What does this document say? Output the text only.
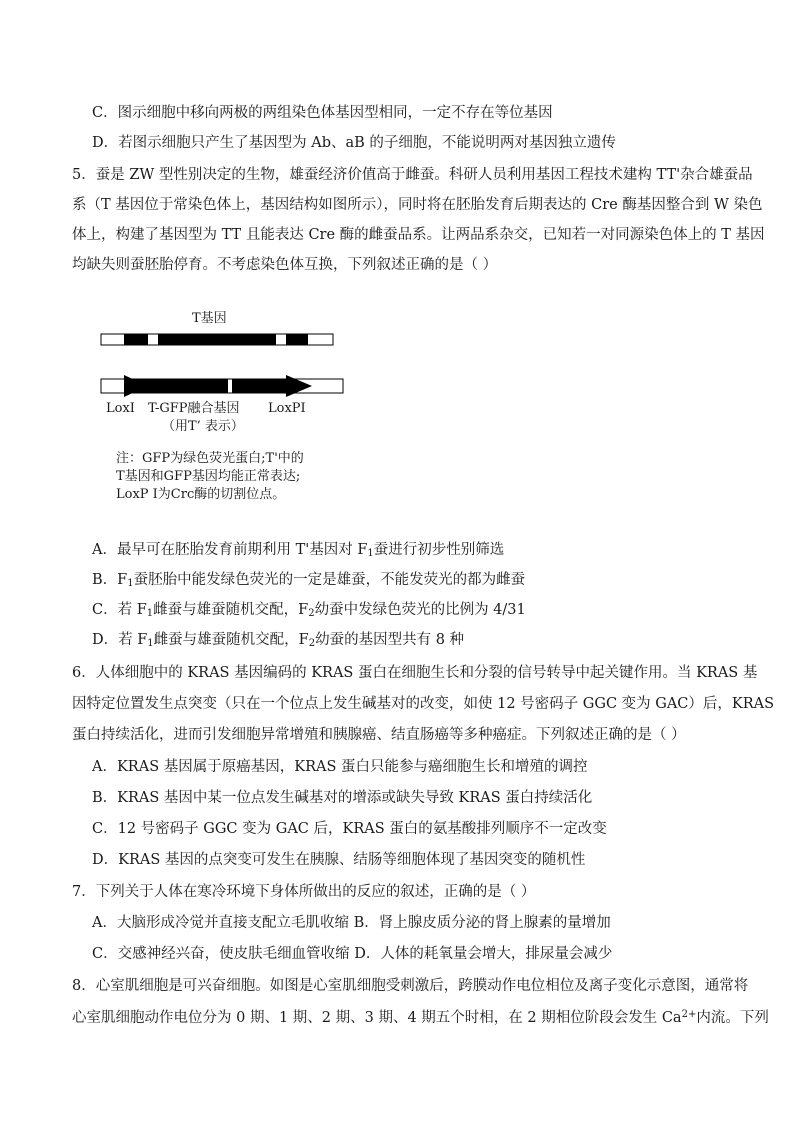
C．图示细胞中移向两极的两组染色体基因型相同，一定不存在等位基因
D．若图示细胞只产生了基因型为 Ab、aB 的子细胞，不能说明两对基因独立遗传
5．蚕是 ZW 型性别决定的生物，雄蚕经济价值高于雌蚕。科研人员利用基因工程技术建构 TT'杂合雄蚕品
系（T 基因位于常染色体上，基因结构如图所示），同时将在胚胎发育后期表达的 Cre 酶基因整合到 W 染色
体上，构建了基因型为 TT 且能表达 Cre 酶的雌蚕品系。让两品系杂交，已知若一对同源染色体上的 T 基因
均缺失则蚕胚胎停育。不考虑染色体互换，下列叙述正确的是（ ）
T基因
LoxI T-GFP融合基因
（用T’ 表示）
LoxPI
注：GFP为绿色荧光蛋白;T'中的
T基因和GFP基因均能正常表达;
LoxP I为Crc酶的切割位点。
A．最早可在胚胎发育前期利用 T'基因对 $F_1$蚕进行初步性别筛选
B．$F_1$蚕胚胎中能发绿色荧光的一定是雄蚕，不能发荧光的都为雌蚕
C．若 $F_1$雌蚕与雄蚕随机交配，$F_2$幼蚕中发绿色荧光的比例为 4/31
D．若 $F_1$雌蚕与雄蚕随机交配，$F_2$幼蚕的基因型共有 8 种
6．人体细胞中的 KRAS 基因编码的 KRAS 蛋白在细胞生长和分裂的信号转导中起关键作用。当 KRAS 基
因特定位置发生点突变（只在一个位点上发生碱基对的改变，如使 12 号密码子 GGC 变为 GAC）后，KRAS
蛋白持续活化，进而引发细胞异常增殖和胰腺癌、结直肠癌等多种癌症。下列叙述正确的是（ ）
A．KRAS 基因属于原癌基因，KRAS 蛋白只能参与癌细胞生长和增殖的调控
B．KRAS 基因中某一位点发生碱基对的增添或缺失导致 KRAS 蛋白持续活化
C．12 号密码子 GGC 变为 GAC 后，KRAS 蛋白的氨基酸排列顺序不一定改变
D．KRAS 基因的点突变可发生在胰腺、结肠等细胞体现了基因突变的随机性
7．下列关于人体在寒冷环境下身体所做出的反应的叙述，正确的是（ ）
A．大脑形成冷觉并直接支配立毛肌收缩 B．肾上腺皮质分泌的肾上腺素的量增加
C．交感神经兴奋，使皮肤毛细血管收缩 D．人体的耗氧量会增大，排尿量会减少
8．心室肌细胞是可兴奋细胞。如图是心室肌细胞受刺激后，跨膜动作电位相位及离子变化示意图，通常将
心室肌细胞动作电位分为 0 期、1 期、2 期、3 期、4 期五个时相，在 2 期相位阶段会发生 $Ca^{2+}$内流。下列
